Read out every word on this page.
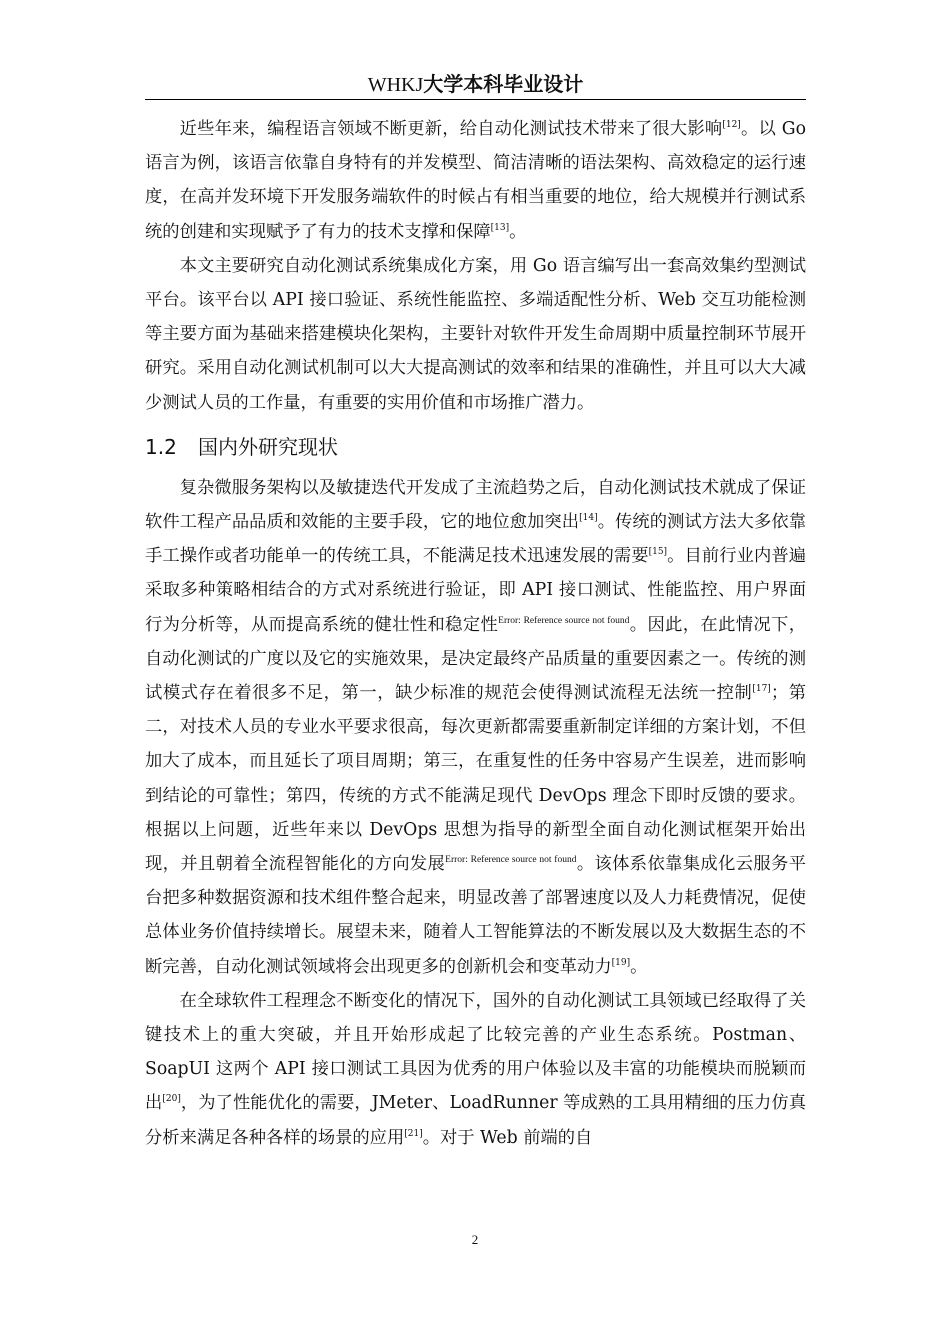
WHKJ大学本科毕业设计

近些年来，编程语言领域不断更新，给自动化测试技术带来了很大影响[12]。以 Go 语言为例，该语言依靠自身特有的并发模型、简洁清晰的语法架构、高效稳定的运行速度，在高并发环境下开发服务端软件的时候占有相当重要的地位，给大规模并行测试系统的创建和实现赋予了有力的技术支撑和保障[13]。

本文主要研究自动化测试系统集成化方案，用 Go 语言编写出一套高效集约型测试平台。该平台以 API 接口验证、系统性能监控、多端适配性分析、Web 交互功能检测等主要方面为基础来搭建模块化架构，主要针对软件开发生命周期中质量控制环节展开研究。采用自动化测试机制可以大大提高测试的效率和结果的准确性，并且可以大大减少测试人员的工作量，有重要的实用价值和市场推广潜力。

1.2 国内外研究现状

复杂微服务架构以及敏捷迭代开发成了主流趋势之后，自动化测试技术就成了保证软件工程产品品质和效能的主要手段，它的地位愈加突出[14]。传统的测试方法大多依靠手工操作或者功能单一的传统工具，不能满足技术迅速发展的需要[15]。目前行业内普遍采取多种策略相结合的方式对系统进行验证，即 API 接口测试、性能监控、用户界面行为分析等，从而提高系统的健壮性和稳定性$^{Error: Reference source not found}$。因此，在此情况下，自动化测试的广度以及它的实施效果，是决定最终产品质量的重要因素之一。传统的测试模式存在着很多不足，第一，缺少标准的规范会使得测试流程无法统一控制[17]；第二，对技术人员的专业水平要求很高，每次更新都需要重新制定详细的方案计划，不但加大了成本，而且延长了项目周期；第三，在重复性的任务中容易产生误差，进而影响到结论的可靠性；第四，传统的方式不能满足现代 DevOps 理念下即时反馈的要求。根据以上问题，近些年来以 DevOps 思想为指导的新型全面自动化测试框架开始出现，并且朝着全流程智能化的方向发展$^{Error: Reference source not found}$。该体系依靠集成化云服务平台把多种数据资源和技术组件整合起来，明显改善了部署速度以及人力耗费情况，促使总体业务价值持续增长。展望未来，随着人工智能算法的不断发展以及大数据生态的不断完善，自动化测试领域将会出现更多的创新机会和变革动力[19]。

在全球软件工程理念不断变化的情况下，国外的自动化测试工具领域已经取得了关键技术上的重大突破，并且开始形成起了比较完善的产业生态系统。Postman、SoapUI 这两个 API 接口测试工具因为优秀的用户体验以及丰富的功能模块而脱颖而出[20]，为了性能优化的需要，JMeter、LoadRunner 等成熟的工具用精细的压力仿真分析来满足各种各样的场景的应用[21]。对于 Web 前端的自

2
